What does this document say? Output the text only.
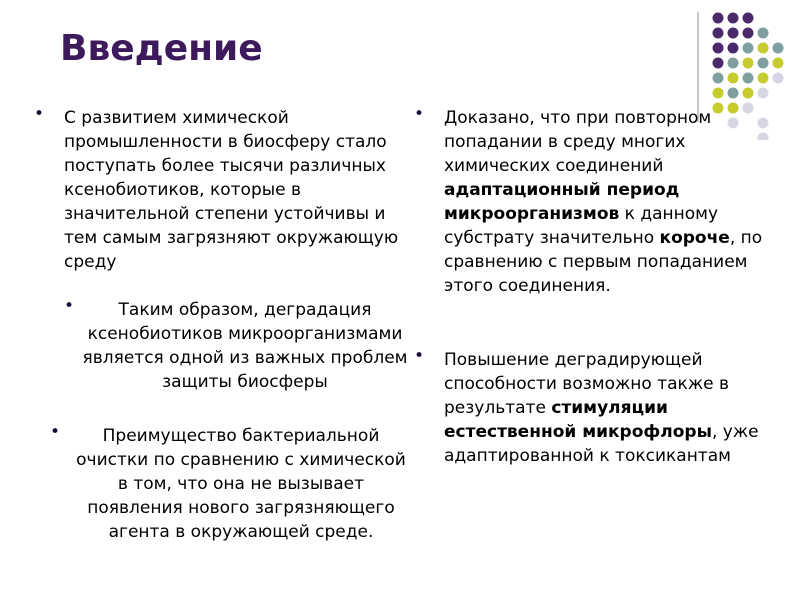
Введение
• С развитием химической промышленности в биосферу стало поступать более тысячи различных ксенобиотиков, которые в значительной степени устойчивы и тем самым загрязняют окружающую среду
•	Таким образом, деградация ксенобиотиков микроорганизмами является одной из важных проблем защиты биосферы
•	Преимущество бактериальной очистки по сравнению с химической в том, что она не вызывает появления нового загрязняющего агента в окружающей среде.
• Доказано, что при повторном попадании в среду многих химических соединений адаптационный период микроорганизмов к данному субстрату значительно короче, по сравнению с первым попаданием этого соединения.
• Повышение деградирующей способности возможно также в результате стимуляции естественной микрофлоры, уже адаптированной к токсикантам
